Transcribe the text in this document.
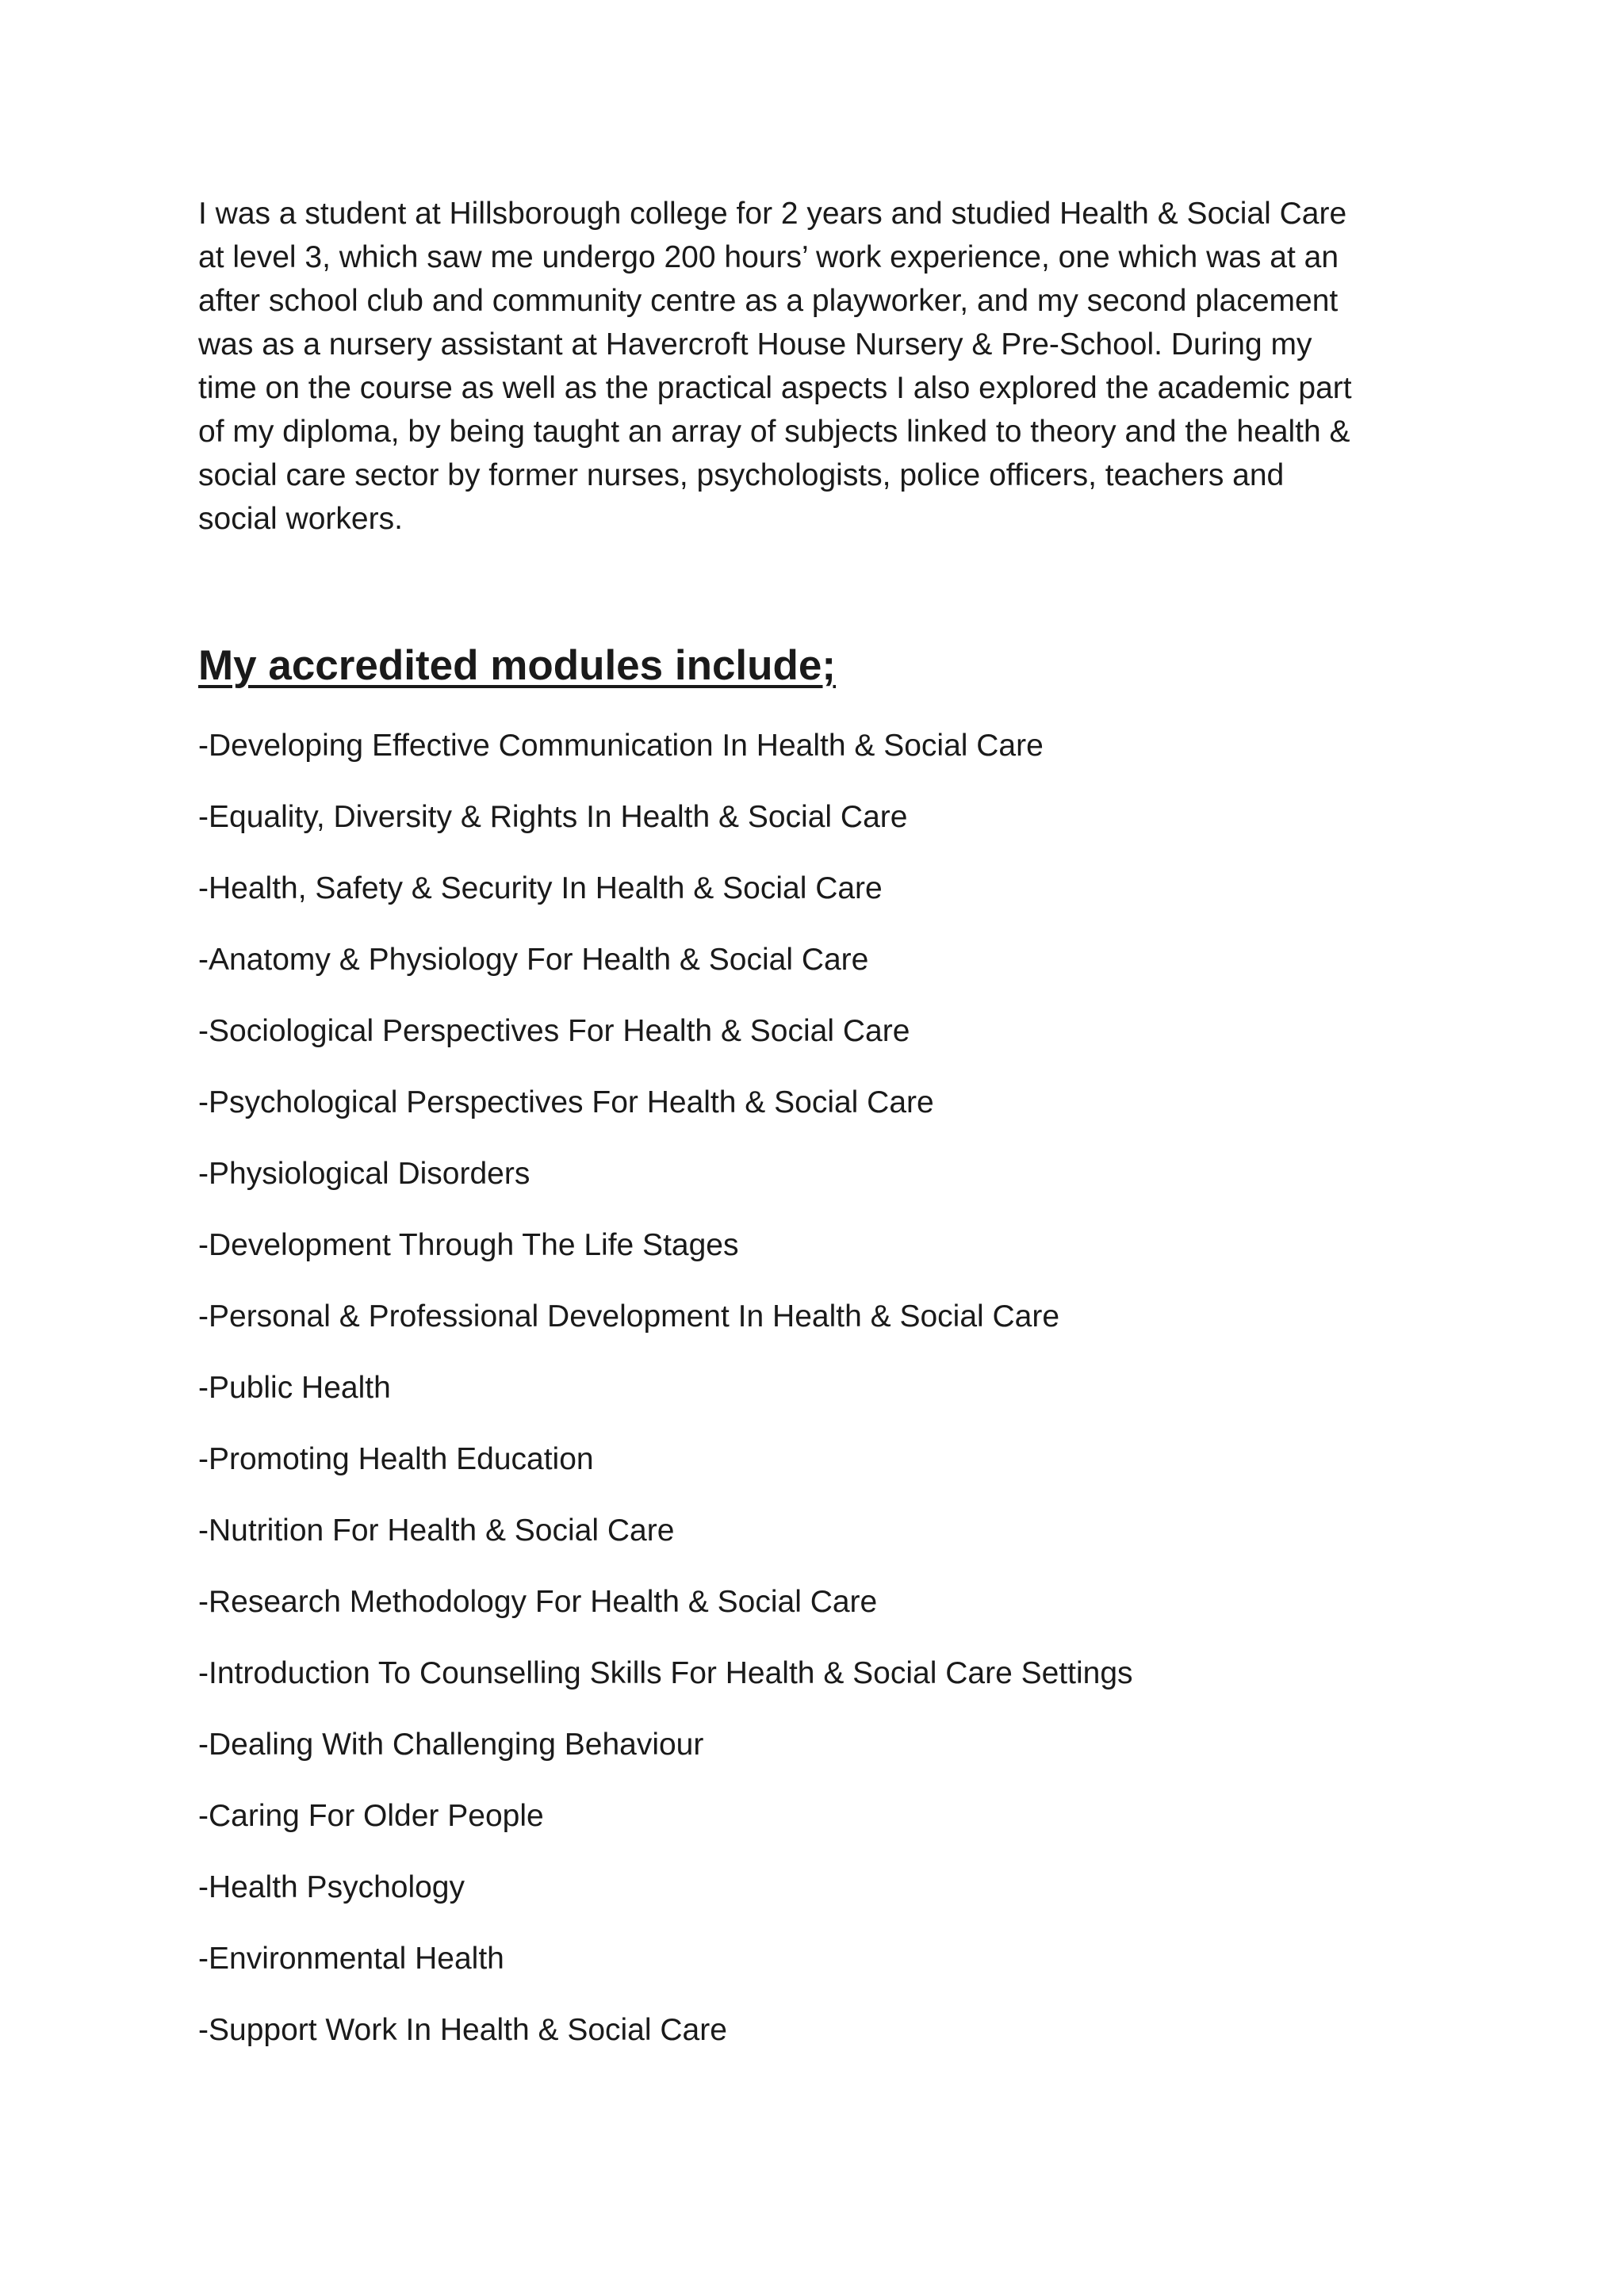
I was a student at Hillsborough college for 2 years and studied Health & Social Care
at level 3, which saw me undergo 200 hours’ work experience, one which was at an
after school club and community centre as a playworker, and my second placement
was as a nursery assistant at Havercroft House Nursery & Pre-School. During my
time on the course as well as the practical aspects I also explored the academic part
of my diploma, by being taught an array of subjects linked to theory and the health &
social care sector by former nurses, psychologists, police officers, teachers and
social workers.

My accredited modules include;
-Developing Effective Communication In Health & Social Care
-Equality, Diversity & Rights In Health & Social Care
-Health, Safety & Security In Health & Social Care
-Anatomy & Physiology For Health & Social Care
-Sociological Perspectives For Health & Social Care
-Psychological Perspectives For Health & Social Care
-Physiological Disorders
-Development Through The Life Stages
-Personal & Professional Development In Health & Social Care
-Public Health
-Promoting Health Education
-Nutrition For Health & Social Care
-Research Methodology For Health & Social Care
-Introduction To Counselling Skills For Health & Social Care Settings
-Dealing With Challenging Behaviour
-Caring For Older People
-Health Psychology
-Environmental Health
-Support Work In Health & Social Care
